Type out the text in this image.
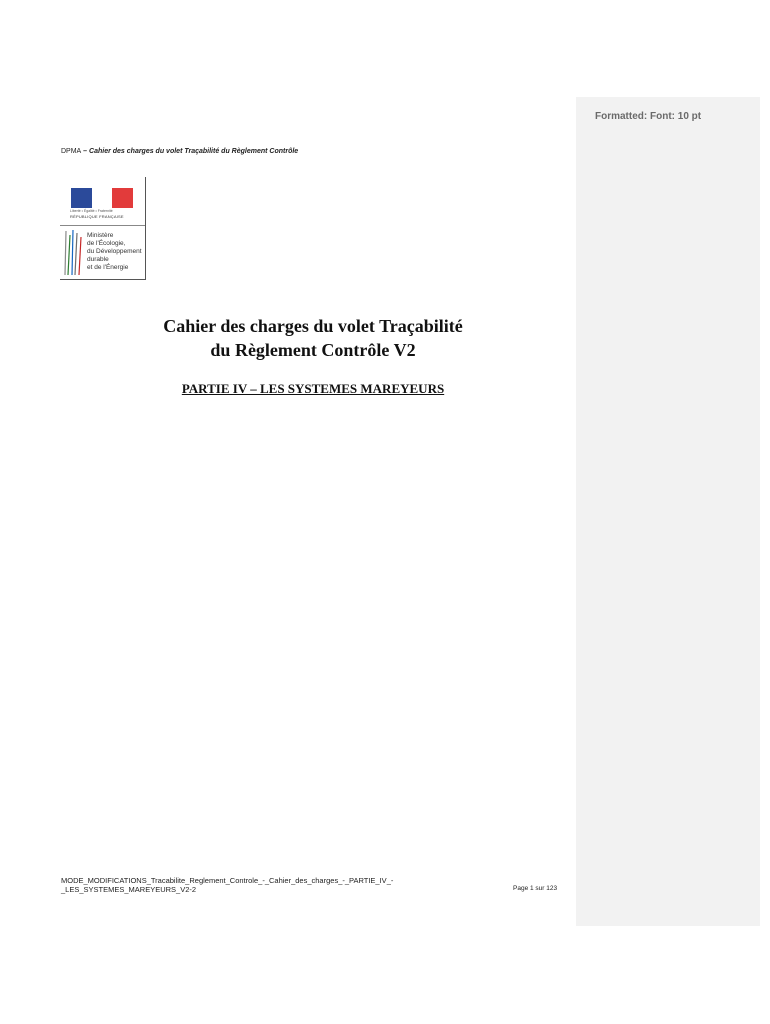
Formatted: Font: 10 pt
DPMA – Cahier des charges du volet Traçabilité du Règlement Contrôle
Liberté • Égalité • Fraternité
RÉPUBLIQUE FRANÇAISE
Ministère
de l'Écologie,
du Développement
durable
et de l'Énergie
Cahier des charges du volet Traçabilité
du Règlement Contrôle V2
PARTIE IV – LES SYSTEMES MAREYEURS
MODE_MODIFICATIONS_Tracabilite_Reglement_Controle_-_Cahier_des_charges_-_PARTIE_IV_-
_LES_SYSTEMES_MAREYEURS_V2-2	Page 1 sur 123
